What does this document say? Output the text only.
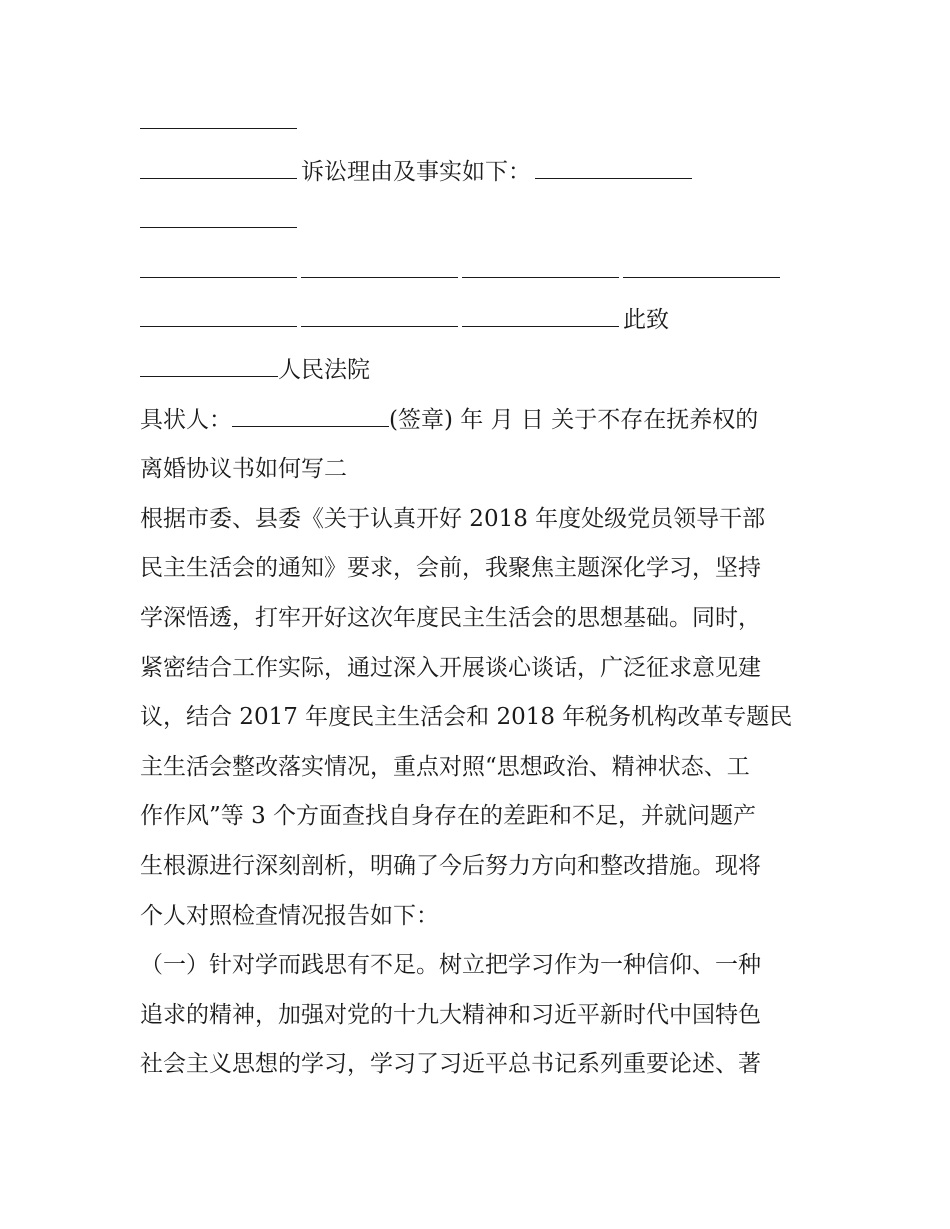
诉讼理由及事实如下：
此致
人民法院
具状人：	(签章) 年 月 日 关于不存在抚养权的
离婚协议书如何写二
根据市委、县委《关于认真开好 2018 年度处级党员领导干部
民主生活会的通知》要求，会前，我聚焦主题深化学习，坚持
学深悟透，打牢开好这次年度民主生活会的思想基础。同时，
紧密结合工作实际，通过深入开展谈心谈话，广泛征求意见建
议，结合 2017 年度民主生活会和 2018 年税务机构改革专题民
主生活会整改落实情况，重点对照“思想政治、精神状态、工
作作风”等 3 个方面查找自身存在的差距和不足，并就问题产
生根源进行深刻剖析，明确了今后努力方向和整改措施。现将
个人对照检查情况报告如下：
（一）针对学而践思有不足。树立把学习作为一种信仰、一种
追求的精神，加强对党的十九大精神和习近平新时代中国特色
社会主义思想的学习，学习了习近平总书记系列重要论述、著
